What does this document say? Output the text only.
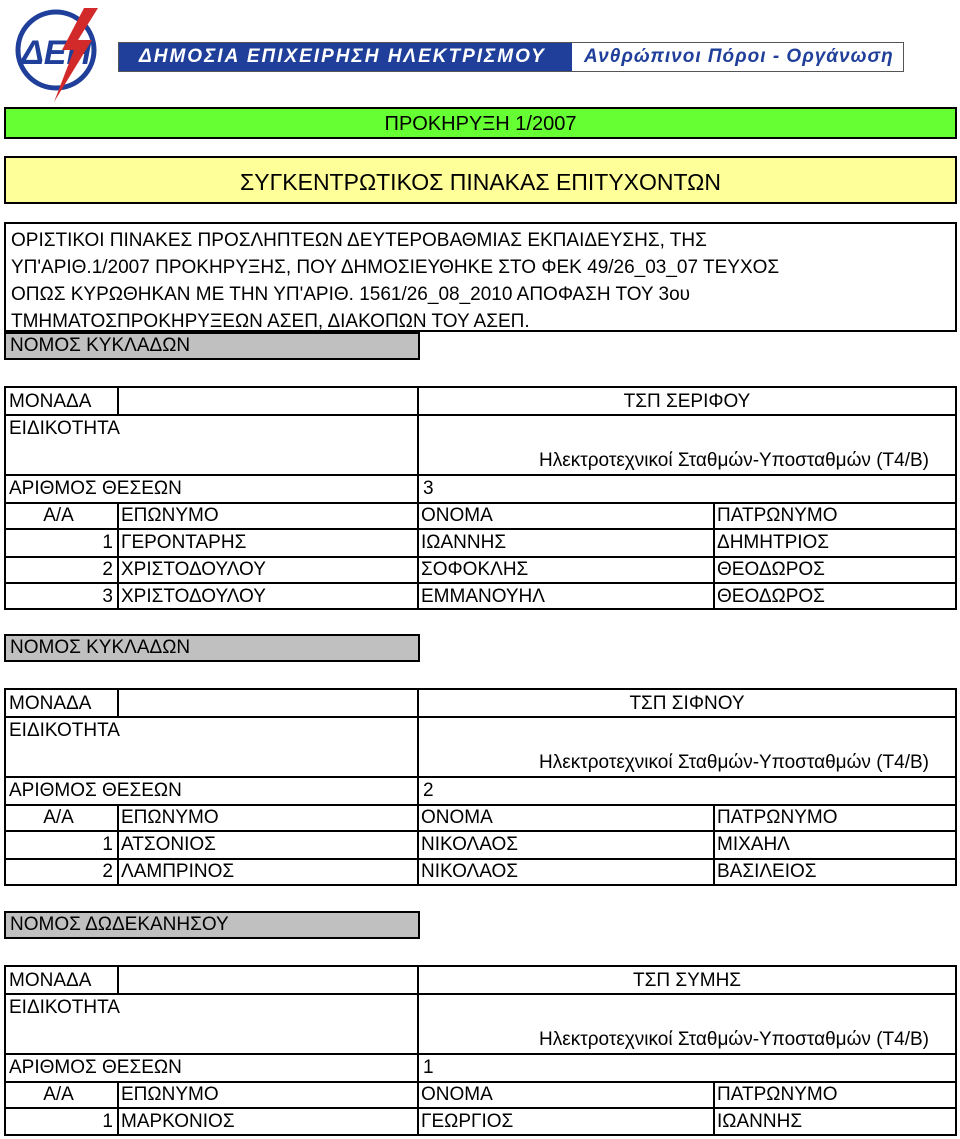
ΔΕΗ	ΔΗΜΟΣΙΑ ΕΠΙΧΕΙΡΗΣΗ ΗΛΕΚΤΡΙΣΜΟΥ Α.Ε.
Ανθρώπινοι Πόροι - Οργάνωση
ΠΡΟΚΗΡΥΞΗ 1/2007
ΣΥΓΚΕΝΤΡΩΤΙΚΟΣ ΠΙΝΑΚΑΣ ΕΠΙΤΥΧΟΝΤΩΝ
ΟΡΙΣΤΙΚΟΙ ΠΙΝΑΚΕΣ ΠΡΟΣΛΗΠΤΕΩΝ ΔΕΥΤΕΡΟΒΑΘΜΙΑΣ ΕΚΠΑΙΔΕΥΣΗΣ, ΤΗΣ
ΥΠ'ΑΡΙΘ.1/2007 ΠΡΟΚΗΡΥΞΗΣ, ΠΟΥ ΔΗΜΟΣΙΕΥΘΗΚΕ ΣΤΟ ΦΕΚ 49/26_03_07 ΤΕΥΧΟΣ
ΟΠΩΣ ΚΥΡΩΘΗΚΑΝ ΜΕ ΤΗΝ ΥΠ'ΑΡΙΘ. 1561/26_08_2010 ΑΠΟΦΑΣΗ ΤΟΥ 3ου
ΤΜΗΜΑΤΟΣΠΡΟΚΗΡΥΞΕΩΝ ΑΣΕΠ, ΔΙΑΚΟΠΩΝ ΤΟΥ ΑΣΕΠ.
ΝΟΜΟΣ ΚΥΚΛΑΔΩΝ
ΜΟΝΑΔΑ	ΤΣΠ ΣΕΡΙΦΟΥ
ΕΙΔΙΚΟΤΗΤΑ
Ηλεκτροτεχνικοί Σταθμών-Υποσταθμών (Τ4/Β)
ΑΡΙΘΜΟΣ ΘΕΣΕΩΝ	3
Α/Α	ΕΠΩΝΥΜΟ	ΟΝΟΜΑ	ΠΑΤΡΩΝΥΜΟ
1 ΓΕΡΟΝΤΑΡΗΣ	ΙΩΑΝΝΗΣ	ΔΗΜΗΤΡΙΟΣ
2 ΧΡΙΣΤΟΔΟΥΛΟΥ	ΣΟΦΟΚΛΗΣ	ΘΕΟΔΩΡΟΣ
3 ΧΡΙΣΤΟΔΟΥΛΟΥ	ΕΜΜΑΝΟΥΗΛ	ΘΕΟΔΩΡΟΣ
ΝΟΜΟΣ ΚΥΚΛΑΔΩΝ
ΜΟΝΑΔΑ	ΤΣΠ ΣΙΦΝΟΥ
ΕΙΔΙΚΟΤΗΤΑ
Ηλεκτροτεχνικοί Σταθμών-Υποσταθμών (Τ4/Β)
ΑΡΙΘΜΟΣ ΘΕΣΕΩΝ	2
Α/Α	ΕΠΩΝΥΜΟ	ΟΝΟΜΑ	ΠΑΤΡΩΝΥΜΟ
1 ΑΤΣΟΝΙΟΣ	ΝΙΚΟΛΑΟΣ	ΜΙΧΑΗΛ
2 ΛΑΜΠΡΙΝΟΣ	ΝΙΚΟΛΑΟΣ	ΒΑΣΙΛΕΙΟΣ
ΝΟΜΟΣ ΔΩΔΕΚΑΝΗΣΟΥ
ΜΟΝΑΔΑ	ΤΣΠ ΣΥΜΗΣ
ΕΙΔΙΚΟΤΗΤΑ
Ηλεκτροτεχνικοί Σταθμών-Υποσταθμών (Τ4/Β)
ΑΡΙΘΜΟΣ ΘΕΣΕΩΝ	1
Α/Α	ΕΠΩΝΥΜΟ	ΟΝΟΜΑ	ΠΑΤΡΩΝΥΜΟ
1 ΜΑΡΚΟΝΙΟΣ	ΓΕΩΡΓΙΟΣ	ΙΩΑΝΝΗΣ
